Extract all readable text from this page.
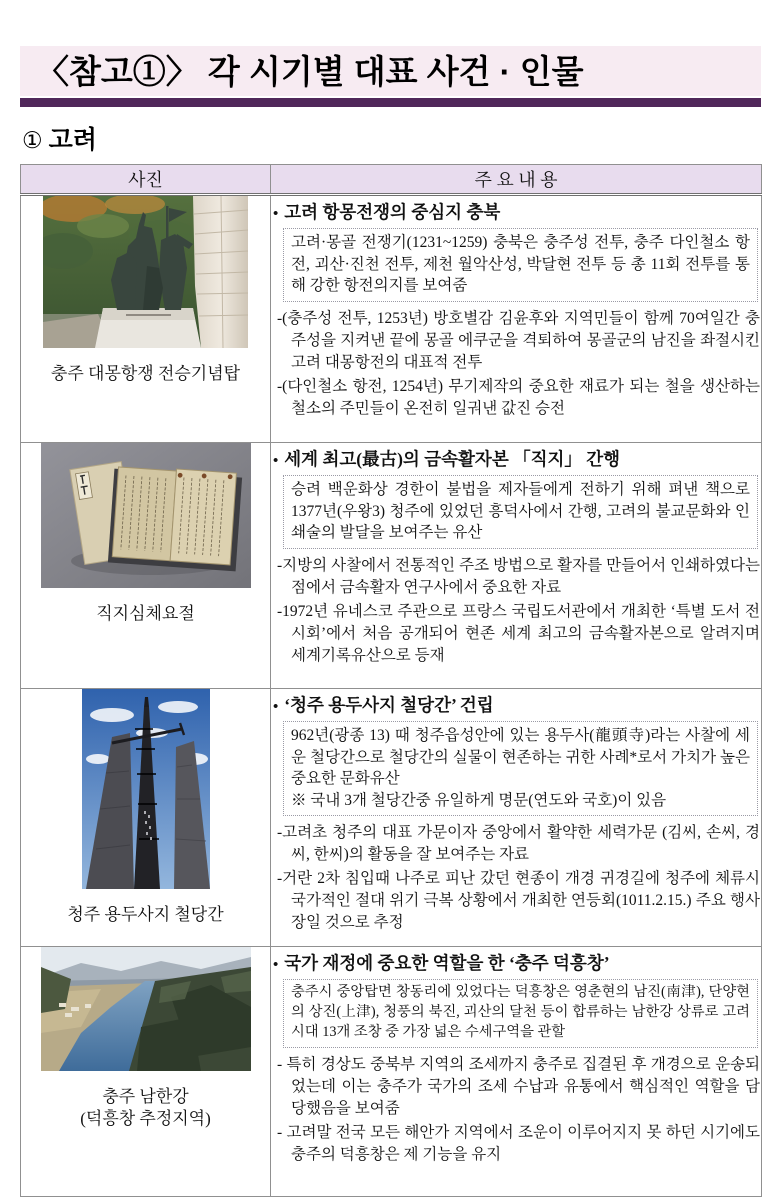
〈참고①〉 각 시기별 대표 사건 · 인물
① 고려
사진	주 요 내 용

충주 대몽항쟁 전승기념탑	• 고려 항몽전쟁의 중심지 충북
고려·몽골 전쟁기(1231~1259) 충북은 충주성 전투, 충주 다인철소 항전, 괴산·진천 전투, 제천 월악산성, 박달현 전투 등 총 11회 전투를 통해 강한 항전의지를 보여줌
-(충주성 전투, 1253년) 방호별감 김윤후와 지역민들이 함께 70여일간 충주성을 지켜낸 끝에 몽골 에쿠군을 격퇴하여 몽골군의 남진을 좌절시킨 고려 대몽항전의 대표적 전투
-(다인철소 항전, 1254년) 무기제작의 중요한 재료가 되는 철을 생산하는 철소의 주민들이 온전히 일궈낸 값진 승전

직지심체요절	• 세계 최고(最古)의 금속활자본 「직지」 간행
승려 백운화상 경한이 불법을 제자들에게 전하기 위해 펴낸 책으로 1377년(우왕3) 청주에 있었던 흥덕사에서 간행, 고려의 불교문화와 인쇄술의 발달을 보여주는 유산
-지방의 사찰에서 전통적인 주조 방법으로 활자를 만들어서 인쇄하였다는 점에서 금속활자 연구사에서 중요한 자료
-1972년 유네스코 주관으로 프랑스 국립도서관에서 개최한 ‘특별 도서 전시회’에서 처음 공개되어 현존 세계 최고의 금속활자본으로 알려지며 세계기록유산으로 등재

청주 용두사지 철당간	• ‘청주 용두사지 철당간’ 건립
962년(광종 13) 때 청주읍성안에 있는 용두사(龍頭寺)라는 사찰에 세운 철당간으로 철당간의 실물이 현존하는 귀한 사례*로서 가치가 높은 중요한 문화유산
※ 국내 3개 철당간중 유일하게 명문(연도와 국호)이 있음
-고려초 청주의 대표 가문이자 중앙에서 활약한 세력가문 (김씨, 손씨, 경씨, 한씨)의 활동을 잘 보여주는 자료
-거란 2차 침입때 나주로 피난 갔던 현종이 개경 귀경길에 청주에 체류시 국가적인 절대 위기 극복 상황에서 개최한 연등회(1011.2.15.) 주요 행사장일 것으로 추정

충주 남한강
(덕흥창 추정지역)

• 국가 재정에 중요한 역할을 한 ‘충주 덕흥창’
충주시 중앙탑면 창동리에 있었다는 덕흥창은 영춘현의 남진(南津), 단양현의 상진(上津), 청풍의 북진, 괴산의 달천 등이 합류하는 남한강 상류로 고려시대 13개 조창 중 가장 넓은 수세구역을 관할
- 특히 경상도 중북부 지역의 조세까지 충주로 집결된 후 개경으로 운송되었는데 이는 충주가 국가의 조세 수납과 유통에서 핵심적인 역할을 담당했음을 보여줌
- 고려말 전국 모든 해안가 지역에서 조운이 이루어지지 못 하던 시기에도 충주의 덕흥창은 제 기능을 유지
